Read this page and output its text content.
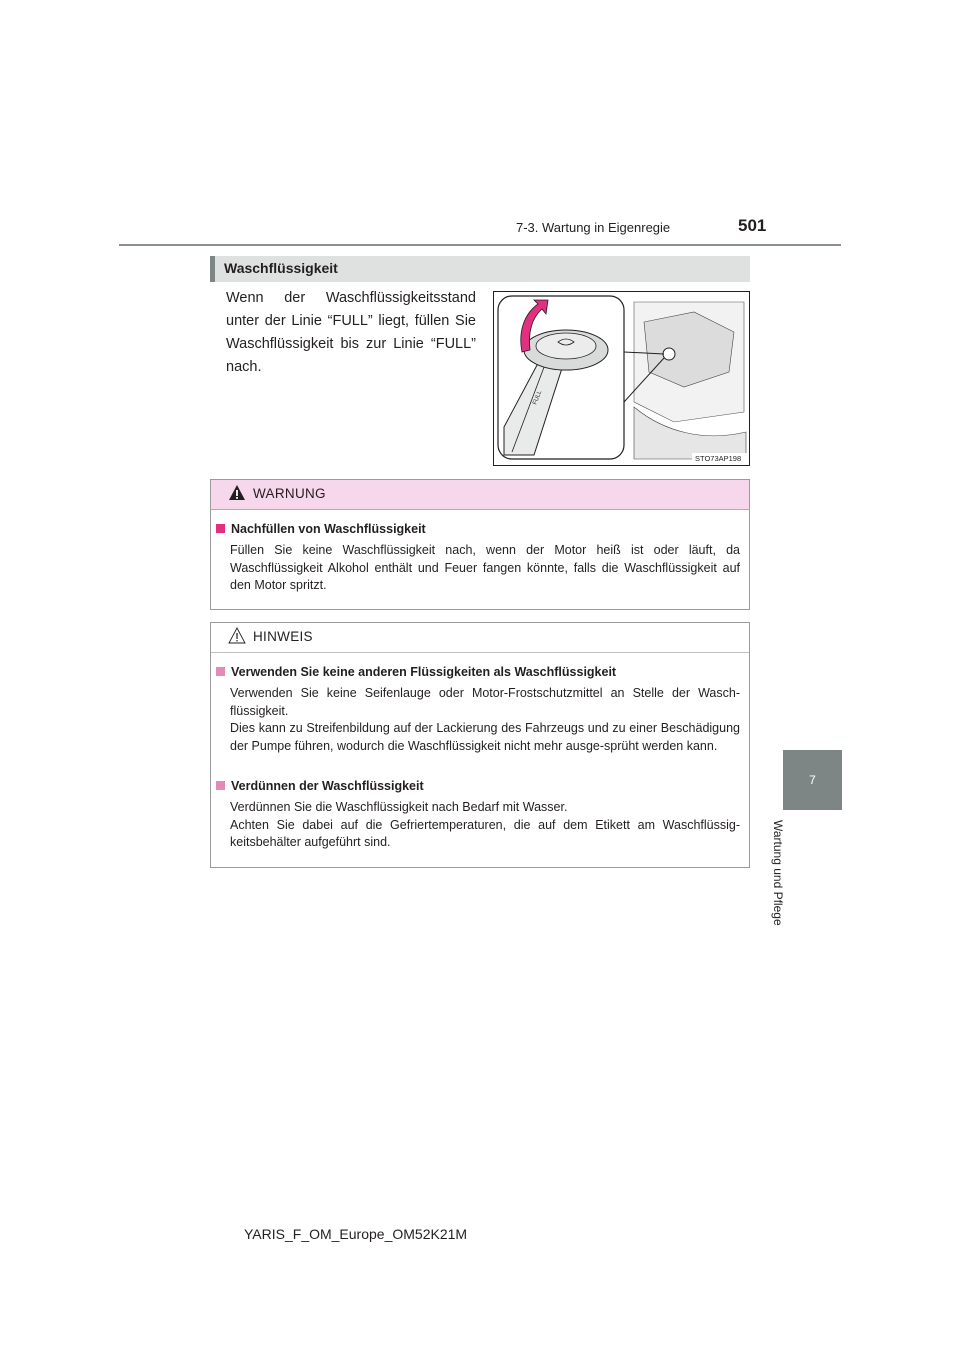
7-3. Wartung in Eigenregie	501
7
Wartung und Pflege
Waschflüssigkeit
Wenn der Waschflüssigkeitsstand unter der Linie “FULL” liegt, füllen Sie Waschflüssigkeit bis zur Linie “FULL” nach.
FULL
STO73AP198
WARNUNG
Nachfüllen von Waschflüssigkeit
Füllen Sie keine Waschflüssigkeit nach, wenn der Motor heiß ist oder läuft, da Waschflüssigkeit Alkohol enthält und Feuer fangen könnte, falls die Waschflüssigkeit auf den Motor spritzt.
HINWEIS
Verwenden Sie keine anderen Flüssigkeiten als Waschflüssigkeit
Verwenden Sie keine Seifenlauge oder Motor-Frostschutzmittel an Stelle der Wasch-flüssigkeit.
Dies kann zu Streifenbildung auf der Lackierung des Fahrzeugs und zu einer Beschädigung der Pumpe führen, wodurch die Waschflüssigkeit nicht mehr ausge-sprüht werden kann.
Verdünnen der Waschflüssigkeit
Verdünnen Sie die Waschflüssigkeit nach Bedarf mit Wasser.
Achten Sie dabei auf die Gefriertemperaturen, die auf dem Etikett am Waschflüssig-keitsbehälter aufgeführt sind.
YARIS_F_OM_Europe_OM52K21M
